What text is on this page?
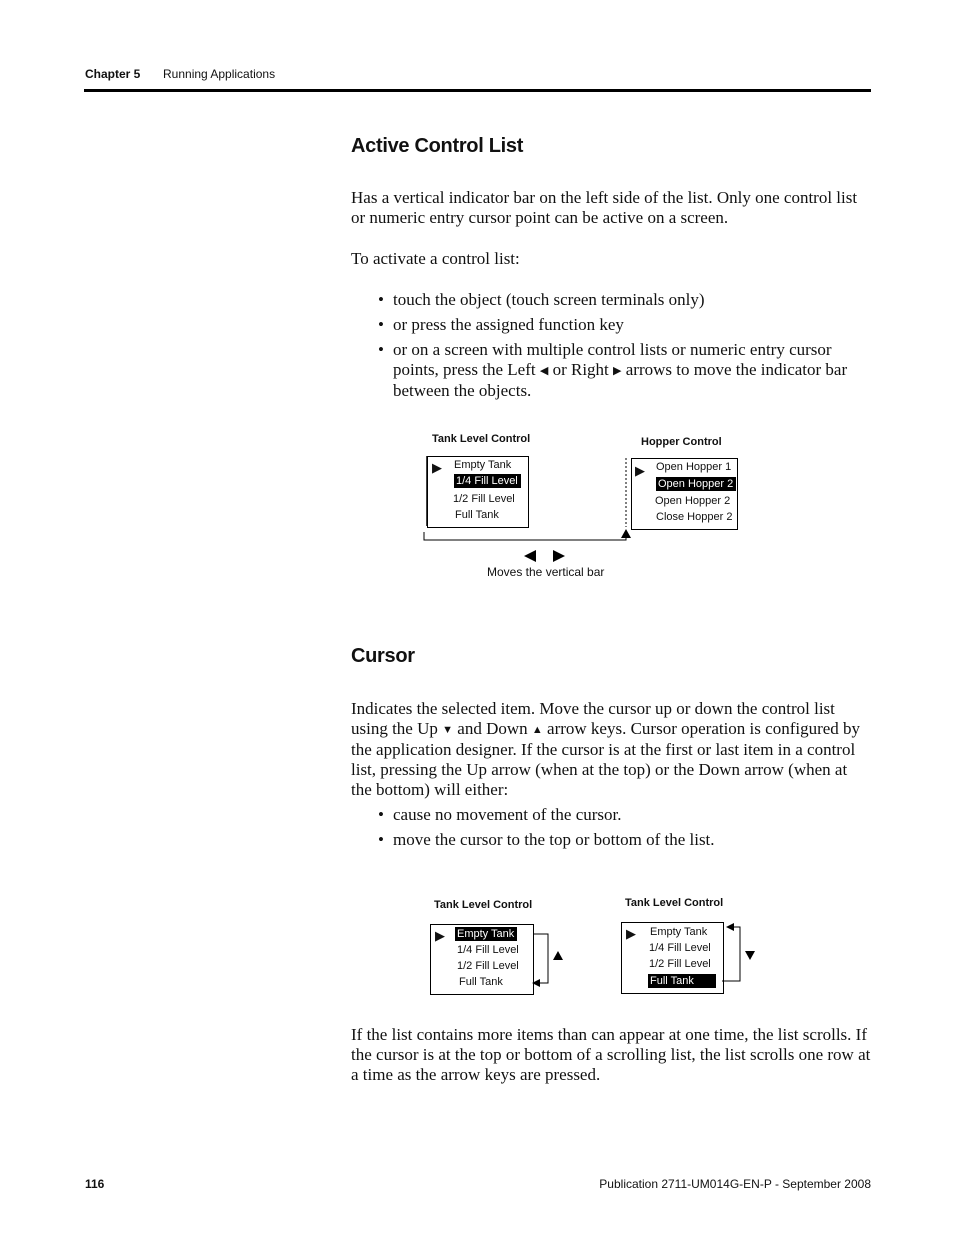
Chapter 5 Running Applications
Active Control List
Has a vertical indicator bar on the left side of the list. Only one control list or numeric entry cursor point can be active on a screen.
To activate a control list:
• touch the object (touch screen terminals only)
• or press the assigned function key
• or on a screen with multiple control lists or numeric entry cursor points, press the Left ◀ or Right ▶ arrows to move the indicator bar between the objects.
Tank Level Control	Hopper Control
▶ Empty Tank
1/4 Fill Level
1/2 Fill Level
Full Tank
▶ Open Hopper 1
Open Hopper 2
Open Hopper 2
Close Hopper 2
Moves the vertical bar
Cursor
Indicates the selected item. Move the cursor up or down the control list using the Up ▼ and Down ▲ arrow keys. Cursor operation is configured by the application designer. If the cursor is at the first or last item in a control list, pressing the Up arrow (when at the top) or the Down arrow (when at the bottom) will either:
• cause no movement of the cursor.
• move the cursor to the top or bottom of the list.
Tank Level Control	Tank Level Control
▶ Empty Tank
1/4 Fill Level
1/2 Fill Level
Full Tank
▶ Empty Tank
1/4 Fill Level
1/2 Fill Level
Full Tank
If the list contains more items than can appear at one time, the list scrolls. If the cursor is at the top or bottom of a scrolling list, the list scrolls one row at a time as the arrow keys are pressed.
116	Publication 2711-UM014G-EN-P - September 2008
